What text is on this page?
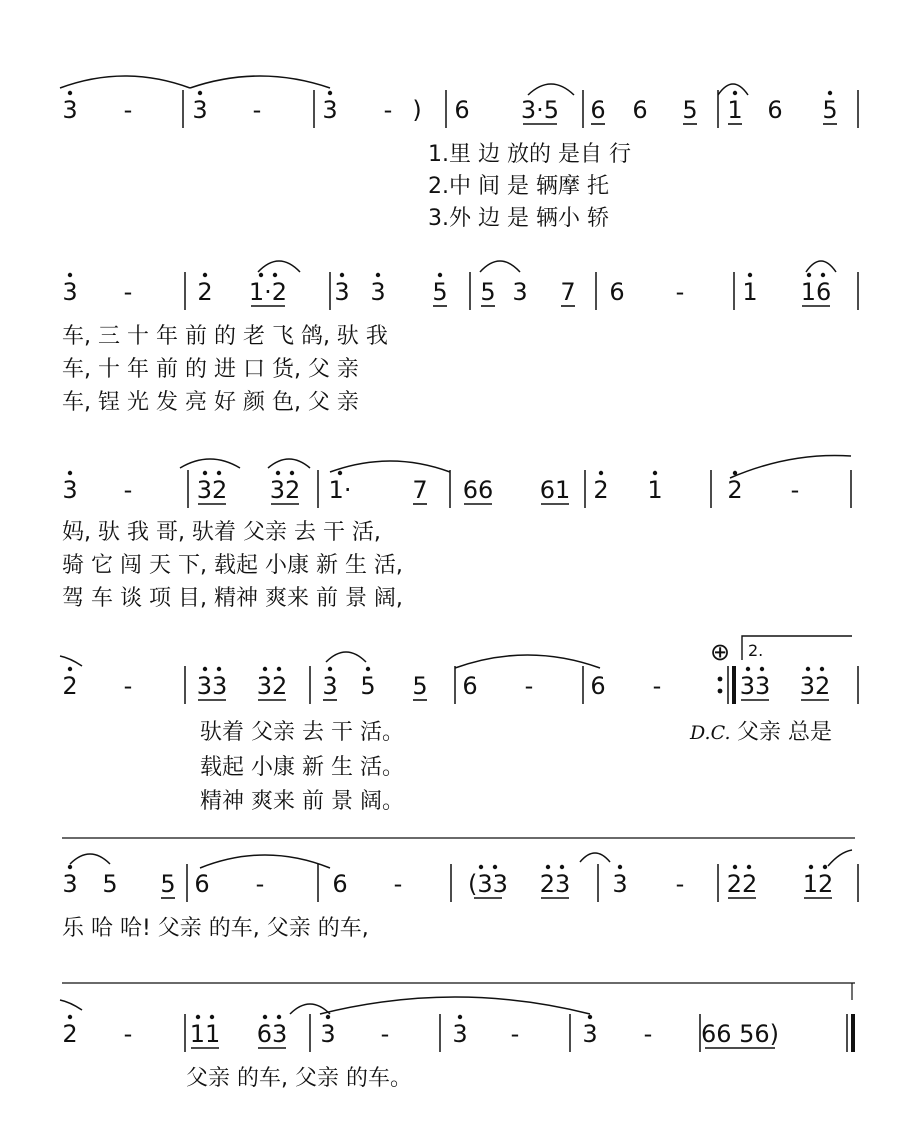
3 -	3 -	3 - ) 6 3·5 6 6 5 1 6 5
3 -	2 1·2 3 3 5 5 3 7 6 - 1 16
3 -	32 32 1·	7 66 61 2 1	2 -
2 -	33 32 3 5 5 6 - 6 -	33 32
3 5 5 6 -	6 -	(33 23 3 - 22 12
2 - 11 63 3 -	3 -	3 - 66 56)
2.
⊕
1.里 边 放的 是自 行
2.中 间 是 辆摩 托
3.外 边 是 辆小 轿
车, 三 十 年 前 的 老 飞 鸽, 驮 我
车, 十 年 前 的 进 口 货, 父 亲
车, 锃 光 发 亮 好 颜 色, 父 亲
妈, 驮 我 哥, 驮着 父亲 去 干 活,
骑 它 闯 天 下, 载起 小康 新 生 活,
驾 车 谈 项 目, 精神 爽来 前 景 阔,
驮着 父亲 去 干 活。
载起 小康 新 生 活。
精神 爽来 前 景 阔。
D.C. 父亲 总是
乐 哈 哈! 父亲 的车, 父亲 的车,
父亲 的车, 父亲 的车。
